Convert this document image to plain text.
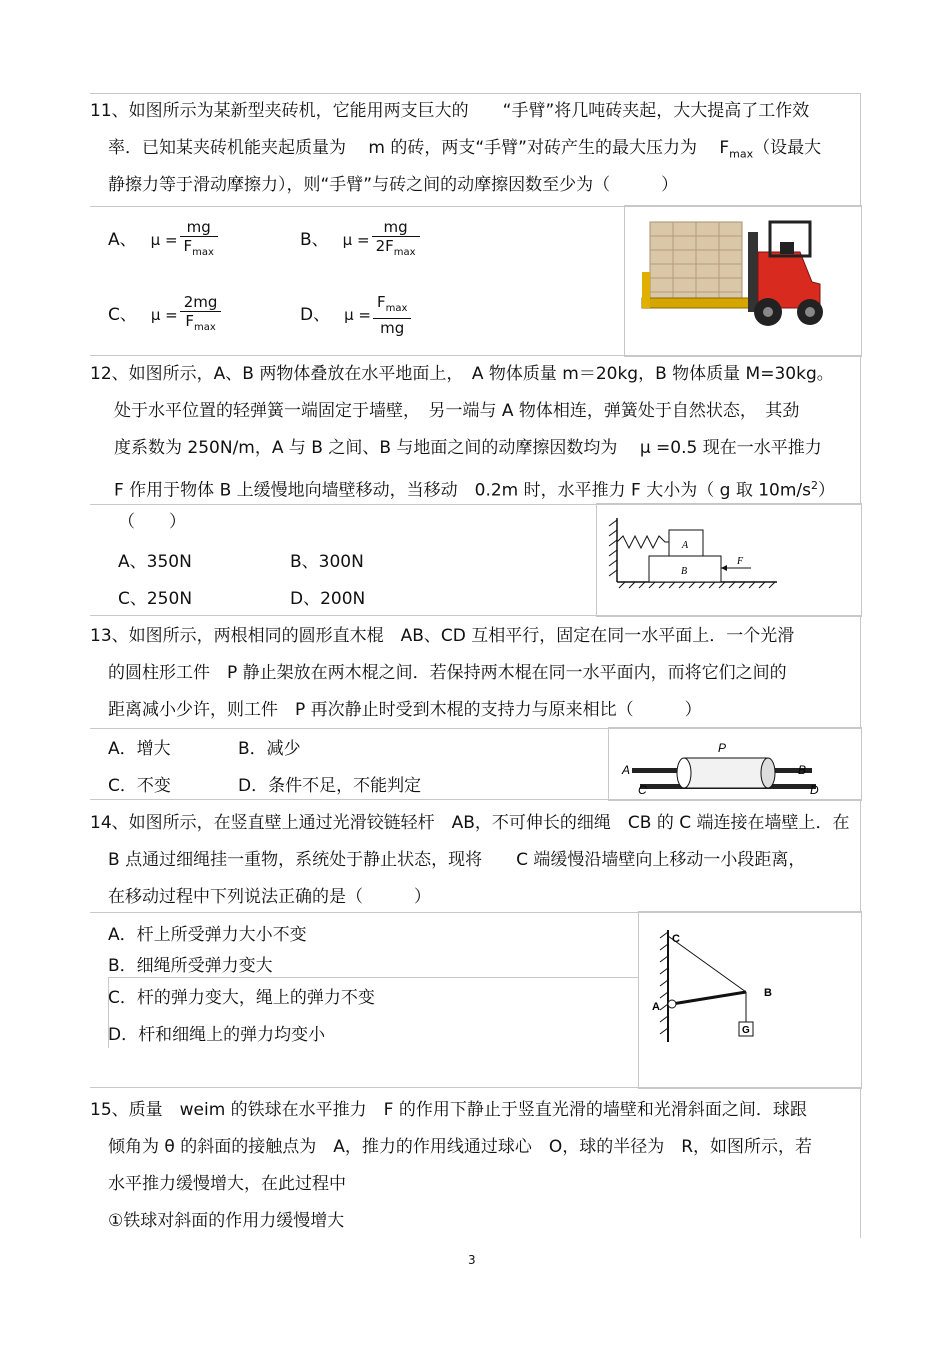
11、如图所示为某新型夹砖机，它能用两支巨大的　　“手臂”将几吨砖夹起，大大提高了工作效
率．已知某夹砖机能夹起质量为　 m 的砖，两支“手臂”对砖产生的最大压力为　 $F_{max}$（设最大
静擦力等于滑动摩擦力），则“手臂”与砖之间的动摩擦因数至少为（　　　）
A、 $\mu = \frac{mg}{F_{max}}$	B、 $\mu = \frac{mg}{2F_{max}}$
C、 $\mu = \frac{2mg}{F_{max}}$	D、 $\mu = \frac{F_{max}}{mg}$
12、如图所示，A、B 两物体叠放在水平地面上，　A 物体质量 m＝20kg，B 物体质量 M=30kg。
处于水平位置的轻弹簧一端固定于墙壁，　另一端与 A 物体相连，弹簧处于自然状态，　其劲
度系数为 250N/m，A 与 B 之间、B 与地面之间的动摩擦因数均为　 μ =0.5 现在一水平推力
F 作用于物体 B 上缓慢地向墙壁移动，当移动　0.2m 时，水平推力 F 大小为（ g 取 $10m/s^2$）
（　　）
A、350N	B、300N
C、250N	D、200N
A
B
F
13、如图所示，两根相同的圆形直木棍　AB、CD 互相平行，固定在同一水平面上．一个光滑
的圆柱形工件　P 静止架放在两木棍之间．若保持两木棍在同一水平面内，而将它们之间的
距离减小少许，则工件　P 再次静止时受到木棍的支持力与原来相比（　　　）
A．增大	B．减少
C．不变	D．条件不足，不能判定
P
A	B
C	D
14、如图所示，在竖直壁上通过光滑铰链轻杆　AB，不可伸长的细绳　CB 的 C 端连接在墙壁上．在
B 点通过细绳挂一重物，系统处于静止状态，现将　　C 端缓慢沿墙壁向上移动一小段距离，
在移动过程中下列说法正确的是（　　　）
A．杆上所受弹力大小不变
B．细绳所受弹力变大
C．杆的弹力变大，绳上的弹力不变
D．杆和细绳上的弹力均变小	G
C
A
B
15、质量　weim 的铁球在水平推力　F 的作用下静止于竖直光滑的墙壁和光滑斜面之间．球跟
倾角为 θ 的斜面的接触点为　A，推力的作用线通过球心　O，球的半径为　R，如图所示，若
水平推力缓慢增大，在此过程中
①铁球对斜面的作用力缓慢增大
3
